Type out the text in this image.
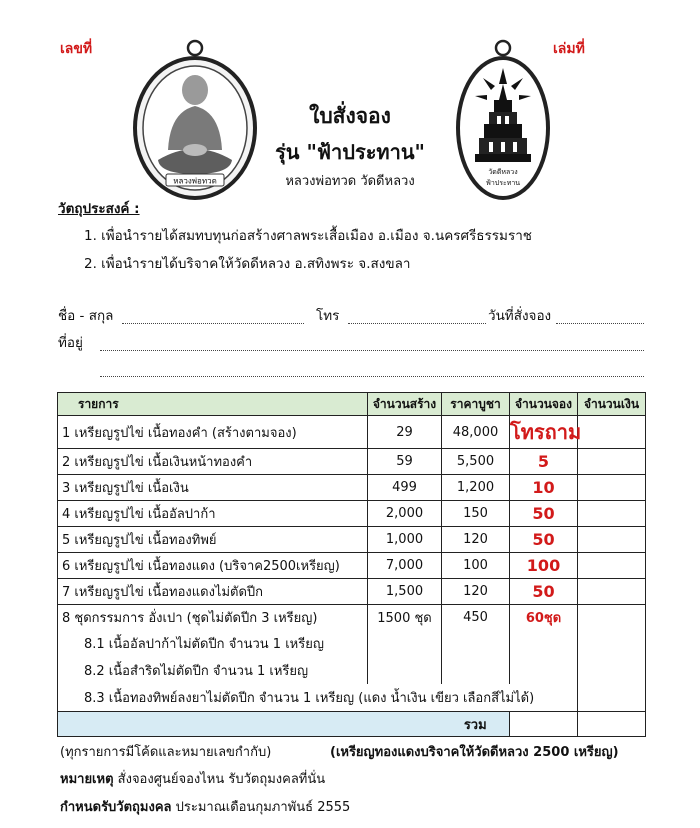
เลขที่	เล่มที่
หลวงพ่อทวด
วัดดีหลวง
ฟ้าประทาน
ใบสั่งจอง
รุ่น "ฟ้าประทาน"
หลวงพ่อทวด วัดดีหลวง
วัตถุประสงค์ :
1. เพื่อนำรายได้สมทบทุนก่อสร้างศาลพระเสื้อเมือง อ.เมือง จ.นครศรีธรรมราช
2. เพื่อนำรายได้บริจาคให้วัดดีหลวง อ.สทิงพระ จ.สงขลา
ชื่อ - สกุล	โทร	วันที่สั่งจอง
ที่อยู่
รายการ	จำนวนสร้าง	ราคาบูชา	จำนวนจอง	จำนวนเงิน
1 เหรียญรูปไข่ เนื้อทองคำ (สร้างตามจอง)	29	48,000	โทรถาม	
2 เหรียญรูปไข่ เนื้อเงินหน้าทองคำ	59	5,500	5	
3 เหรียญรูปไข่ เนื้อเงิน	499	1,200	10	
4 เหรียญรูปไข่ เนื้ออัลปาก้า	2,000	150	50	
5 เหรียญรูปไข่ เนื้อทองทิพย์	1,000	120	50	
6 เหรียญรูปไข่ เนื้อทองแดง (บริจาค2500เหรียญ)	7,000	100	100	
7 เหรียญรูปไข่ เนื้อทองแดงไม่ตัดปีก	1,500	120	50	
8 ชุดกรรมการ อั่งเปา (ชุดไม่ตัดปีก 3 เหรียญ)	1500 ชุด	450	60ชุด	
8.1 เนื้ออัลปาก้าไม่ตัดปีก จำนวน 1 เหรียญ				
8.2 เนื้อสำริดไม่ตัดปีก จำนวน 1 เหรียญ				
8.3 เนื้อทองทิพย์ลงยาไม่ตัดปีก จำนวน 1 เหรียญ (แดง น้ำเงิน เขียว เลือกสีไม่ได้)				
		รวม		
(ทุกรายการมีโค้ดและหมายเลขกำกับ)	(เหรียญทองแดงบริจาคให้วัดดีหลวง 2500 เหรียญ)
หมายเหตุ สั่งจองศูนย์จองไหน รับวัตถุมงคลที่นั่น
กำหนดรับวัตถุมงคล ประมาณเดือนกุมภาพันธ์ 2555
